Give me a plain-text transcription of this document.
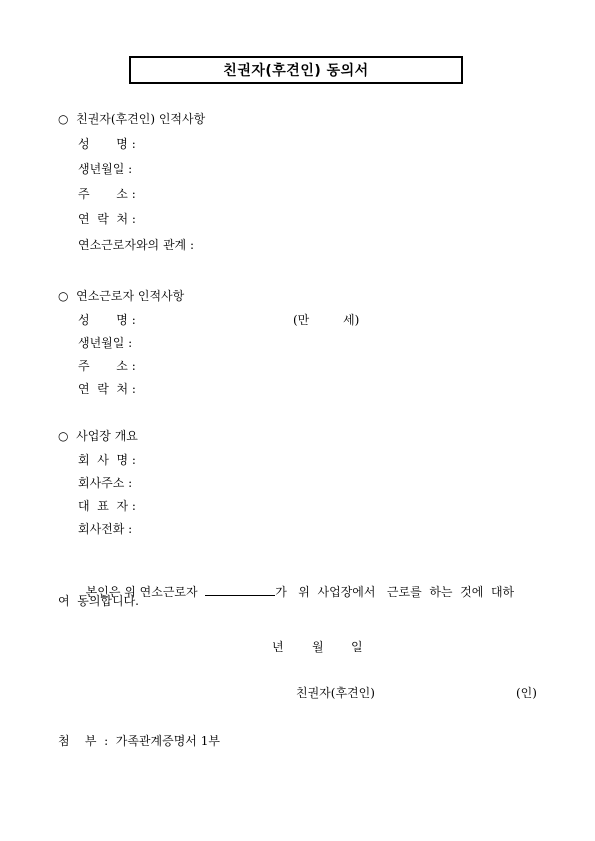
친권자(후견인) 동의서
○  친권자(후견인) 인적사항
성       명 :
생년월일 :
주       소 :
연  락  처 :
연소근로자와의 관계 :
○  연소근로자 인적사항
성       명 :	(만	세)
생년월일 :
주       소 :
연  락  처 :
○  사업장 개요
회  사  명 :
회사주소 :
대  표  자 :
회사전화 :

본인은 위 연소근로자	가   위  사업장에서   근로를  하는  것에  대하

여  동의합니다.
년 월 일
친권자(후견인)	(인)
첨    부  :  가족관계증명서 1부
